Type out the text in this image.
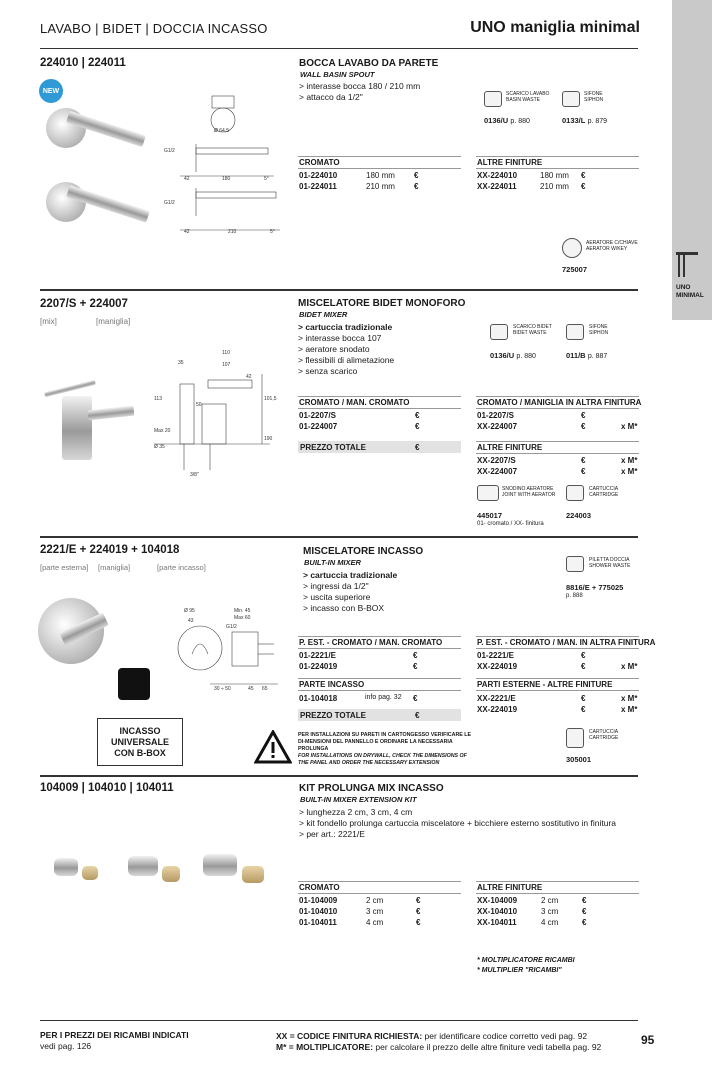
LAVABO | BIDET | DOCCIA INCASSO	UNO maniglia minimal
UNO
MINIMAL
224010 | 224011
NEW
Ø 64,5
180
210
42
42
G1/2
G1/2
5°
5°
BOCCA LAVABO DA PARETE
WALL BASIN SPOUT
> interasse bocca 180 / 210 mm
> attacco da 1/2"	SCARICO LAVABO
BASIN WASTE
0136/U p. 880
SIFONE
SIPHON
0133/L p. 879
CROMATO
01-224010	180 mm	€
01-224011	210 mm	€
ALTRE FINITURE
XX-224010	180 mm	€
XX-224011	210 mm	€
AERATORE C/CHIAVE
AERATOR W/KEY
725007
2207/S + 224007
[mix]	[maniglia]
110
107
35
50
113
Max 20
Ø 35
3/8"
190
101,5
42
MISCELATORE BIDET MONOFORO
BIDET MIXER
> cartuccia tradizionale
> interasse bocca 107
> aeratore snodato
> flessibili di alimetazione
> senza scarico
SCARICO BIDET
BIDET WASTE
0136/U p. 880
SIFONE
SIPHON
011/B p. 887
CROMATO / MAN. CROMATO
01-2207/S	€
01-224007	€
PREZZO TOTALE	€
CROMATO / MANIGLIA IN ALTRA FINITURA
01-2207/S	€
XX-224007	€	x M*
ALTRE FINITURE
XX-2207/S	€	x M*
XX-224007	€	x M*
SNODINO AERATORE
JOINT WITH AERATOR
445017
01- cromato / XX- finitura
CARTUCCIA
CARTRIDGE
224003
2221/E + 224019 + 104018
[parte esterna] [maniglia]	[parte incasso]
INCASSO
UNIVERSALE
CON B-BOX
Ø 95
43
Min. 45
Max 60
G1/2
30 ÷ 50	65
45
MISCELATORE INCASSO
BUILT-IN MIXER
> cartuccia tradizionale
> ingressi da 1/2"
> uscita superiore
> incasso con B-BOX
PILETTA DOCCIA
SHOWER WASTE
8816/E + 775025
p. 888
P. EST. - CROMATO / MAN. CROMATO
01-2221/E	€
01-224019	€
PARTE INCASSO
01-104018	info pag. 32	€
PREZZO TOTALE	€
P. EST. - CROMATO / MAN. IN ALTRA FINITURA
01-2221/E	€
XX-224019	€	x M*
PARTI ESTERNE - ALTRE FINITURE
XX-2221/E	€	x M*
XX-224019	€	x M*
PER INSTALLAZIONI SU PARETI IN CARTONGESSO VERIFICARE LE DI-MENSIONI DEL PANNELLO E ORDINARE LA NECESSARIA PROLUNGA
FOR INSTALLATIONS ON DRYWALL, CHECK THE DIMENSIONS OF THE PANEL AND ORDER THE NECESSARY EXTENSION
CARTUCCIA
CARTRIDGE
305001
104009 | 104010 | 104011	KIT PROLUNGA MIX INCASSO
BUILT-IN MIXER EXTENSION KIT
> lunghezza 2 cm, 3 cm, 4 cm
> kit fondello prolunga cartuccia miscelatore + bicchiere esterno sostitutivo in finitura
> per art.: 2221/E
CROMATO
01-104009	2 cm	€
01-104010	3 cm	€
01-104011	4 cm	€
ALTRE FINITURE
XX-104009	2 cm	€
XX-104010	3 cm	€
XX-104011	4 cm	€
* MOLTIPLICATORE RICAMBI
* MULTIPLIER "RICAMBI"
PER I PREZZI DEI RICAMBI INDICATI
vedi pag. 126
XX = CODICE FINITURA RICHIESTA: per identificare codice corretto vedi pag. 92
M* = MOLTIPLICATORE: per calcolare il prezzo delle altre finiture vedi tabella pag. 92	95
